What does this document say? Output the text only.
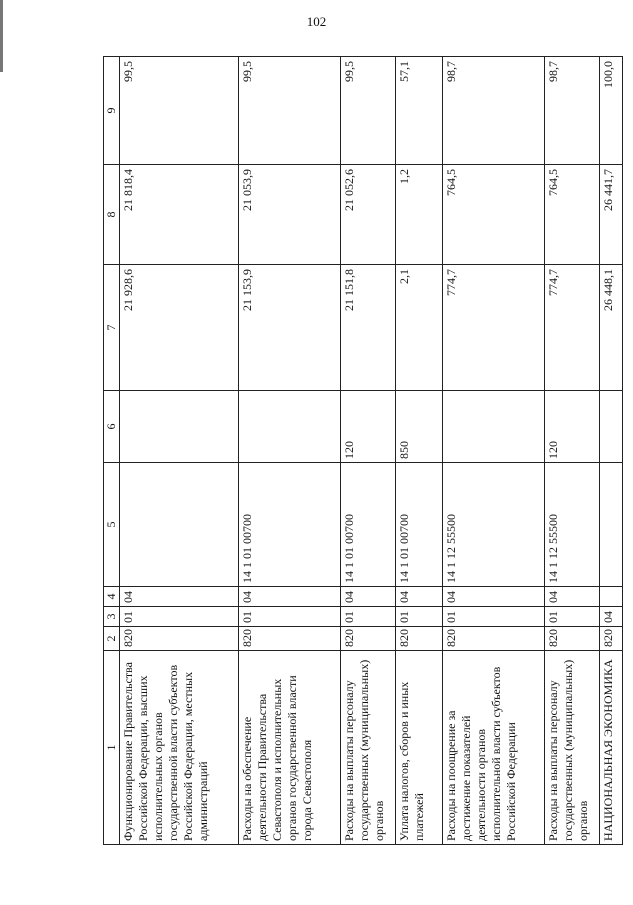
102
1	2	3	4	5	6	7	8	9
Функционирование Правительства Российской Федерации, высших исполнительных органов государственной власти субъектов Российской Федерации, местных администраций	820	01	04			21 928,6	21 818,4	99,5
Расходы на обеспечение деятельности Правительства Севастополя и исполнительных органов государственной власти города Севастополя	820	01	04	14 1 01 00700		21 153,9	21 053,9	99,5
Расходы на выплаты персоналу государственных (муниципальных) органов	820	01	04	14 1 01 00700	120	21 151,8	21 052,6	99,5
Уплата налогов, сборов и иных платежей	820	01	04	14 1 01 00700	850	2,1	1,2	57,1
Расходы на поощрение за достижение показателей деятельности органов исполнительной власти субъектов Российской Федерации	820	01	04	14 1 12 55500		774,7	764,5	98,7
Расходы на выплаты персоналу государственных (муниципальных) органов	820	01	04	14 1 12 55500	120	774,7	764,5	98,7
НАЦИОНАЛЬНАЯ ЭКОНОМИКА	820	04				26 448,1	26 441,7	100,0
